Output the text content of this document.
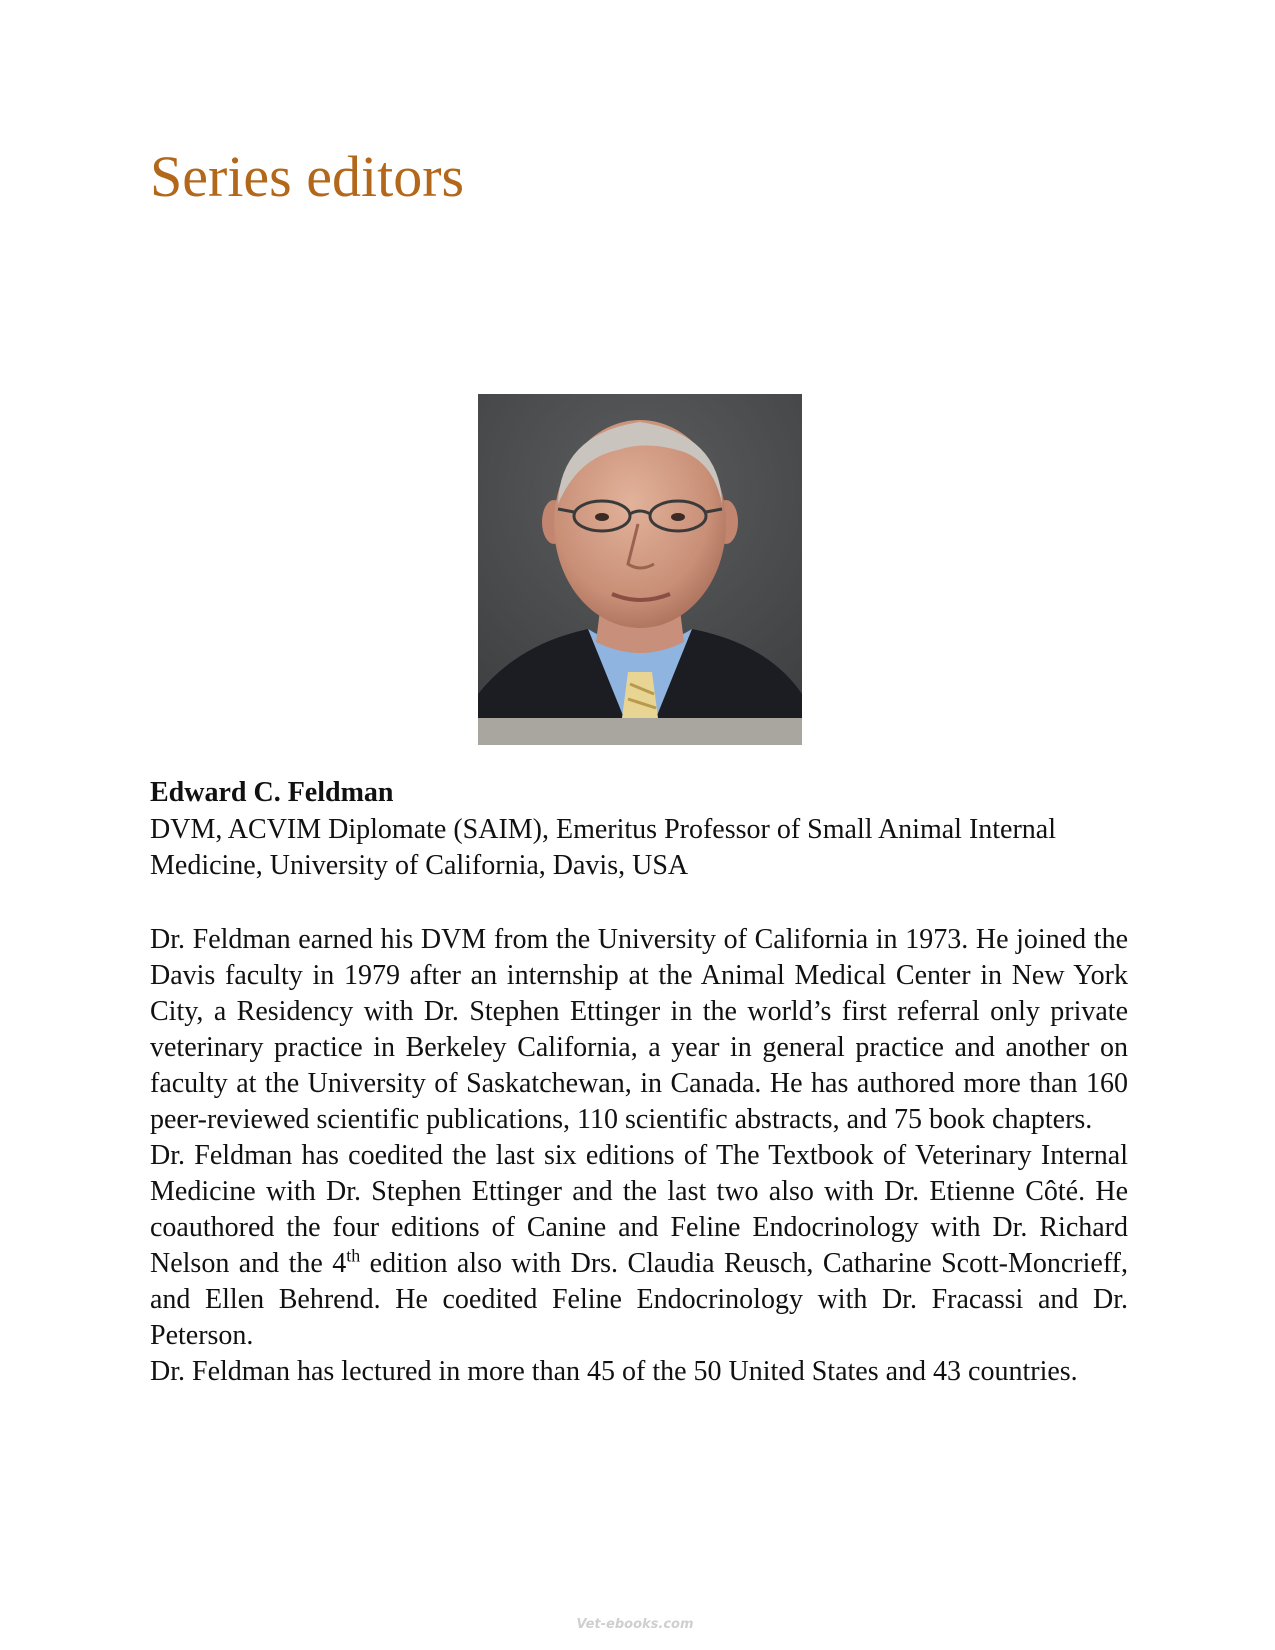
Series editors
Edward C. Feldman

DVM, ACVIM Diplomate (SAIM), Emeritus Professor of Small Animal Internal Medicine, University of California, Davis, USA

Dr. Feldman earned his DVM from the University of California in 1973. He joined the Davis faculty in 1979 after an internship at the Animal Medical Center in New York City, a Residency with Dr. Stephen Ettinger in the world’s first referral only private veterinary practice in Berkeley California, a year in general practice and another on faculty at the University of Saskatchewan, in Canada. He has authored more than 160 peer-reviewed scientific publications, 110 scientific abstracts, and 75 book chapters.

Dr. Feldman has coedited the last six editions of The Textbook of Veterinary Internal Medicine with Dr. Stephen Ettinger and the last two also with Dr. Etienne Côté. He coauthored the four editions of Canine and Feline Endocrinology with Dr. Richard Nelson and the 4th edition also with Drs. Claudia Reusch, Catharine Scott-Moncrieff, and Ellen Behrend. He coedited Feline Endocrinology with Dr. Fracassi and Dr. Peterson.

Dr. Feldman has lectured in more than 45 of the 50 United States and 43 countries.

Vet-ebooks.com
